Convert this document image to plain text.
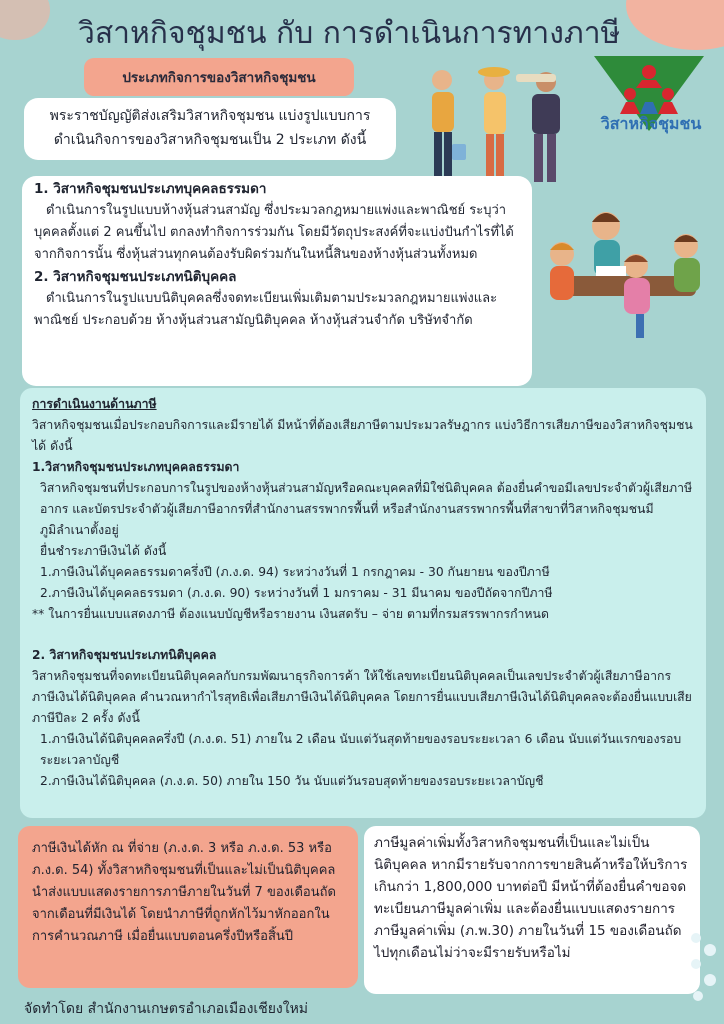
วิสาหกิจชุมชน กับ การดำเนินการทางภาษี
ประเภทกิจการของวิสาหกิจชุมชน
วิสาหกิจชุมชน
พระราชบัญญัติส่งเสริมวิสาหกิจชุมชน แบ่งรูปแบบการ
ดำเนินกิจการของวิสาหกิจชุมชนเป็น 2 ประเภท ดังนี้
1. วิสาหกิจชุมชนประเภทบุคคลธรรมดา

ดำเนินการในรูปแบบห้างหุ้นส่วนสามัญ ซึ่งประมวลกฎหมายแพ่งและพาณิชย์ ระบุว่าบุคคลตั้งแต่ 2 คนขึ้นไป ตกลงทำกิจการร่วมกัน โดยมีวัตถุประสงค์ที่จะแบ่งปันกำไรที่ได้จากกิจการนั้น ซึ่งหุ้นส่วนทุกคนต้องรับผิดร่วมกันในหนี้สินของห้างหุ้นส่วนทั้งหมด

2. วิสาหกิจชุมชนประเภทนิติบุคคล

ดำเนินการในรูปแบบนิติบุคคลซึ่งจดทะเบียนเพิ่มเติมตามประมวลกฎหมายแพ่งและพาณิชย์ ประกอบด้วย ห้างหุ้นส่วนสามัญนิติบุคคล ห้างหุ้นส่วนจำกัด บริษัทจำกัด

การดำเนินงานด้านภาษี

วิสาหกิจชุมชนเมื่อประกอบกิจการและมีรายได้ มีหน้าที่ต้องเสียภาษีตามประมวลรัษฎากร แบ่งวิธีการเสียภาษีของวิสาหกิจชุมชนได้ ดังนี้

1.วิสาหกิจชุมชนประเภทบุคคลธรรมดา

วิสาหกิจชุมชนที่ประกอบการในรูปของห้างหุ้นส่วนสามัญหรือคณะบุคคลที่มิใช่นิติบุคคล ต้องยื่นคำขอมีเลขประจำตัวผู้เสียภาษีอากร และบัตรประจำตัวผู้เสียภาษีอากรที่สำนักงานสรรพากรพื้นที่ หรือสำนักงานสรรพากรพื้นที่สาขาที่วิสาหกิจชุมชนมีภูมิลำเนาตั้งอยู่

ยื่นชำระภาษีเงินได้ ดังนี้

1.ภาษีเงินได้บุคคลธรรมดาครึ่งปี (ภ.ง.ด. 94) ระหว่างวันที่ 1 กรกฎาคม - 30 กันยายน ของปีภาษี

2.ภาษีเงินได้บุคคลธรรมดา (ภ.ง.ด. 90) ระหว่างวันที่ 1 มกราคม - 31 มีนาคม ของปีถัดจากปีภาษี

** ในการยื่นแบบแสดงภาษี ต้องแนบบัญชีหรือรายงาน เงินสดรับ – จ่าย ตามที่กรมสรรพากรกำหนด

2. วิสาหกิจชุมชนประเภทนิติบุคคล

วิสาหกิจชุมชนที่จดทะเบียนนิติบุคคลกับกรมพัฒนาธุรกิจการค้า ให้ใช้เลขทะเบียนนิติบุคคลเป็นเลขประจำตัวผู้เสียภาษีอากร ภาษีเงินได้นิติบุคคล คำนวณหากำไรสุทธิเพื่อเสียภาษีเงินได้นิติบุคคล โดยการยื่นแบบเสียภาษีเงินได้นิติบุคคลจะต้องยื่นแบบเสียภาษีปีละ 2 ครั้ง ดังนี้

1.ภาษีเงินได้นิติบุคคลครึ่งปี (ภ.ง.ด. 51) ภายใน 2 เดือน นับแต่วันสุดท้ายของรอบระยะเวลา 6 เดือน นับแต่วันแรกของรอบระยะเวลาบัญชี

2.ภาษีเงินได้นิติบุคคล (ภ.ง.ด. 50) ภายใน 150 วัน นับแต่วันรอบสุดท้ายของรอบระยะเวลาบัญชี

ภาษีเงินได้หัก ณ ที่จ่าย (ภ.ง.ด. 3 หรือ ภ.ง.ด. 53 หรือ ภ.ง.ด. 54) ทั้งวิสาหกิจชุมชนที่เป็นและไม่เป็นนิติบุคคล นำส่งแบบแสดงรายการภาษีภายในวันที่ 7 ของเดือนถัด
จากเดือนที่มีเงินได้ โดยนำภาษีที่ถูกหักไว้มาหักออกในการคำนวณภาษี เมื่อยื่นแบบตอนครึ่งปีหรือสิ้นปี
ภาษีมูลค่าเพิ่มทั้งวิสาหกิจชุมชนที่เป็นและไม่เป็นนิติบุคคล หากมีรายรับจากการขายสินค้าหรือให้บริการเกินกว่า 1,800,000 บาทต่อปี มีหน้าที่ต้องยื่นคำขอจดทะเบียนภาษีมูลค่าเพิ่ม และต้องยื่นแบบแสดงรายการภาษีมูลค่าเพิ่ม (ภ.พ.30) ภายในวันที่ 15 ของเดือนถัดไปทุกเดือนไม่ว่าจะมีรายรับหรือไม่
จัดทำโดย สำนักงานเกษตรอำเภอเมืองเชียงใหม่
